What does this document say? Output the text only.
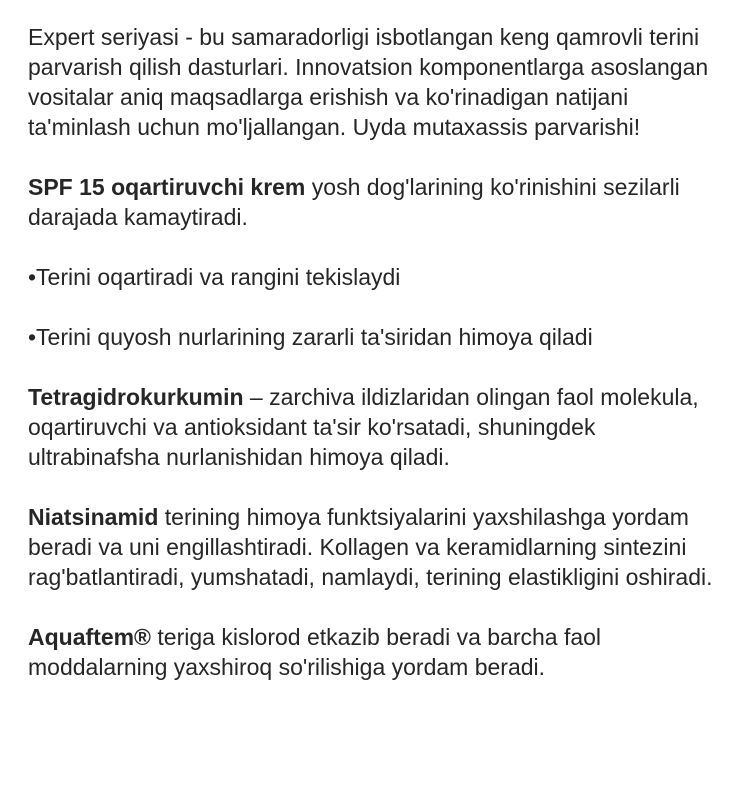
Expert seriyasi - bu samaradorligi isbotlangan keng qamrovli terini parvarish qilish dasturlari. Innovatsion komponentlarga asoslangan vositalar aniq maqsadlarga erishish va ko'rinadigan natijani ta'minlash uchun mo'ljallangan. Uyda mutaxassis parvarishi!

SPF 15 oqartiruvchi krem yosh dog'larining ko'rinishini sezilarli darajada kamaytiradi.

•Terini oqartiradi va rangini tekislaydi

•Terini quyosh nurlarining zararli ta'siridan himoya qiladi

Tetragidrokurkumin – zarchiva ildizlaridan olingan faol molekula, oqartiruvchi va antioksidant ta'sir ko'rsatadi, shuningdek ultrabinafsha nurlanishidan himoya qiladi.

Niatsinamid terining himoya funktsiyalarini yaxshilashga yordam beradi va uni engillashtiradi. Kollagen va keramidlarning sintezini rag'batlantiradi, yumshatadi, namlaydi, terining elastikligini oshiradi.

Aquaftem® teriga kislorod etkazib beradi va barcha faol moddalarning yaxshiroq so'rilishiga yordam beradi.
